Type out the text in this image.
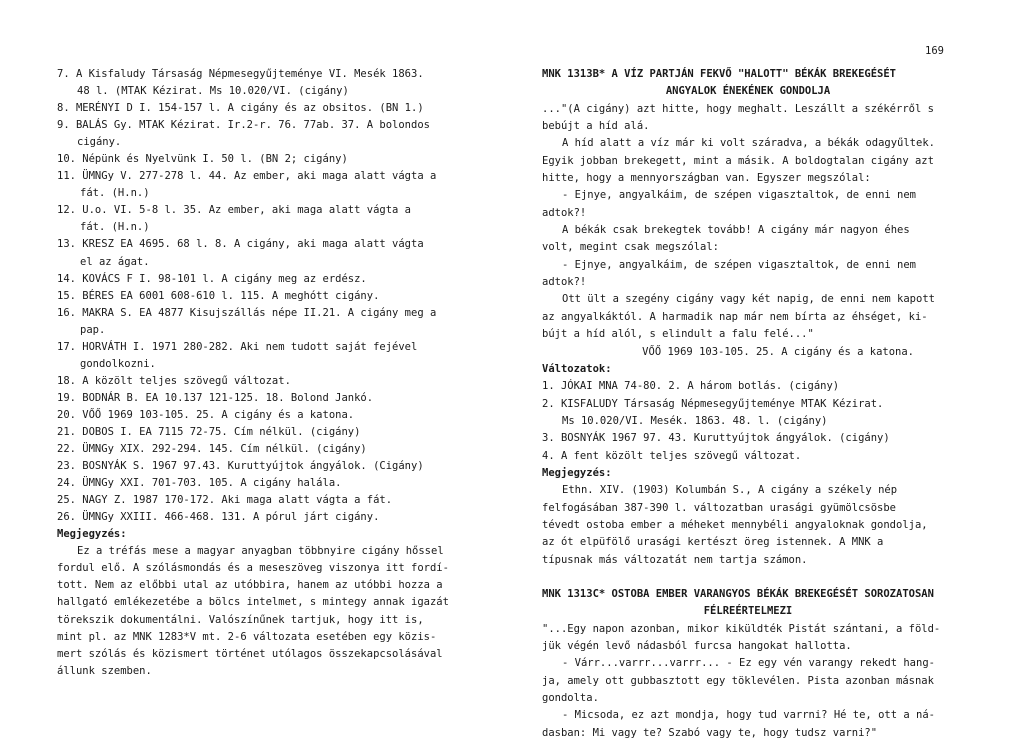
169
7. A Kisfaludy Társaság Népmesegyűjteménye VI. Mesék 1863.
48 l. (MTAK Kézirat. Ms 10.020/VI. (cigány)
8. MERÉNYI D I. 154-157 l. A cigány és az obsitos. (BN 1.)
9. BALÁS Gy. MTAK Kézirat. Ir.2-r. 76. 77ab. 37. A bolondos
cigány.
10. Népünk és Nyelvünk I. 50 l. (BN 2; cigány)
11. ÜMNGy V. 277-278 l. 44. Az ember, aki maga alatt vágta a
fát. (H.n.)
12. U.o. VI. 5-8 l. 35. Az ember, aki maga alatt vágta a
fát. (H.n.)
13. KRESZ EA 4695. 68 l. 8. A cigány, aki maga alatt vágta
el az ágat.
14. KOVÁCS F I. 98-101 l. A cigány meg az erdész.
15. BÉRES EA 6001 608-610 l. 115. A meghótt cigány.
16. MAKRA S. EA 4877 Kisujszállás népe II.21. A cigány meg a
pap.
17. HORVÁTH I. 1971 280-282. Aki nem tudott saját fejével
gondolkozni.
18. A közölt teljes szövegű változat.
19. BODNÁR B. EA 10.137 121-125. 18. Bolond Jankó.
20. VŐŐ 1969 103-105. 25. A cigány és a katona.
21. DOBOS I. EA 7115 72-75. Cím nélkül. (cigány)
22. ÜMNGy XIX. 292-294. 145. Cím nélkül. (cigány)
23. BOSNYÁK S. 1967 97.43. Kuruttyújtok ángyálok. (Cigány)
24. ÜMNGy XXI. 701-703. 105. A cigány halála.
25. NAGY Z. 1987 170-172. Aki maga alatt vágta a fát.
26. ÜMNGy XXIII. 466-468. 131. A pórul járt cigány.
Megjegyzés:
Ez a tréfás mese a magyar anyagban többnyire cigány hőssel
fordul elő. A szólásmondás és a meseszöveg viszonya itt fordí-
tott. Nem az előbbi utal az utóbbira, hanem az utóbbi hozza a
hallgató emlékezetébe a bölcs intelmet, s mintegy annak igazát
törekszik dokumentálni. Valószínűnek tartjuk, hogy itt is,
mint pl. az MNK 1283*V mt. 2-6 változata esetében egy közis-
mert szólás és közismert történet utólagos összekapcsolásával
állunk szemben.
MNK 1313B* A VÍZ PARTJÁN FEKVŐ "HALOTT" BÉKÁK BREKEGÉSÉT
ANGYALOK ÉNEKÉNEK GONDOLJA
..."(A cigány) azt hitte, hogy meghalt. Leszállt a székérről s
bebújt a híd alá.
A híd alatt a víz már ki volt száradva, a békák odagyűltek.
Egyik jobban brekegett, mint a másik. A boldogtalan cigány azt
hitte, hogy a mennyországban van. Egyszer megszólal:
- Ejnye, angyalkáim, de szépen vigasztaltok, de enni nem
adtok?!
A békák csak brekegtek tovább! A cigány már nagyon éhes
volt, megint csak megszólal:
- Ejnye, angyalkáim, de szépen vigasztaltok, de enni nem
adtok?!
Ott ült a szegény cigány vagy két napig, de enni nem kapott
az angyalkáktól. A harmadik nap már nem bírta az éhséget, ki-
bújt a híd alól, s elindult a falu felé..."
VŐŐ 1969 103-105. 25. A cigány és a katona.
Változatok:
1. JÓKAI MNA 74-80. 2. A három botlás. (cigány)
2. KISFALUDY Társaság Népmesegyűjteménye MTAK Kézirat.
Ms 10.020/VI. Mesék. 1863. 48. l. (cigány)
3. BOSNYÁK 1967 97. 43. Kuruttyújtok ángyálok. (cigány)
4. A fent közölt teljes szövegű változat.
Megjegyzés:
Ethn. XIV. (1903) Kolumbán S., A cigány a székely nép
felfogásában 387-390 l. változatban urasági gyümölcsösbe
tévedt ostoba ember a méheket mennybéli angyaloknak gondolja,
az ót elpüfölő urasági kertészt öreg istennek. A MNK a
típusnak más változatát nem tartja számon.
MNK 1313C* OSTOBA EMBER VARANGYOS BÉKÁK BREKEGÉSÉT SOROZATOSAN
FÉLREÉRTELMEZI
"...Egy napon azonban, mikor kiküldték Pistát szántani, a föld-
jük végén levő nádasból furcsa hangokat hallotta.
- Várr...varrr...varrr... - Ez egy vén varangy rekedt hang-
ja, amely ott gubbasztott egy töklevélen. Pista azonban másnak
gondolta.
- Micsoda, ez azt mondja, hogy tud varrni? Hé te, ott a ná-
dasban: Mi vagy te? Szabó vagy te, hogy tudsz varni?"
